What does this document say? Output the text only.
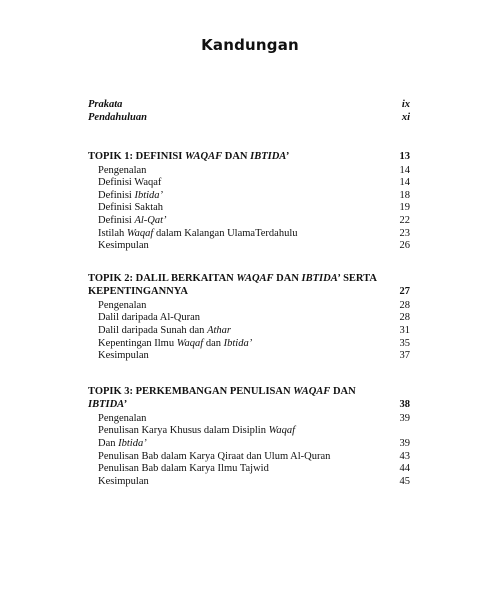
Kandungan
Prakata	ix
Pendahuluan	xi
TOPIK 1: DEFINISI WAQAF DAN IBTIDA’	13
Pengenalan	14
Definisi Waqaf	14
Definisi Ibtida’	18
Definisi Saktah	19
Definisi Al-Qat’	22
Istilah Waqaf dalam Kalangan UlamaTerdahulu	23
Kesimpulan	26
TOPIK 2: DALIL BERKAITAN WAQAF DAN IBTIDA’ SERTA
KEPENTINGANNYA	27
Pengenalan	28
Dalil daripada Al-Quran	28
Dalil daripada Sunah dan Athar	31
Kepentingan Ilmu Waqaf dan Ibtida’	35
Kesimpulan	37
TOPIK 3: PERKEMBANGAN PENULISAN WAQAF DAN
IBTIDA’	38
Pengenalan	39
Penulisan Karya Khusus dalam Disiplin Waqaf
Dan Ibtida’	39
Penulisan Bab dalam Karya Qiraat dan Ulum Al-Quran	43
Penulisan Bab dalam Karya Ilmu Tajwid	44
Kesimpulan	45
